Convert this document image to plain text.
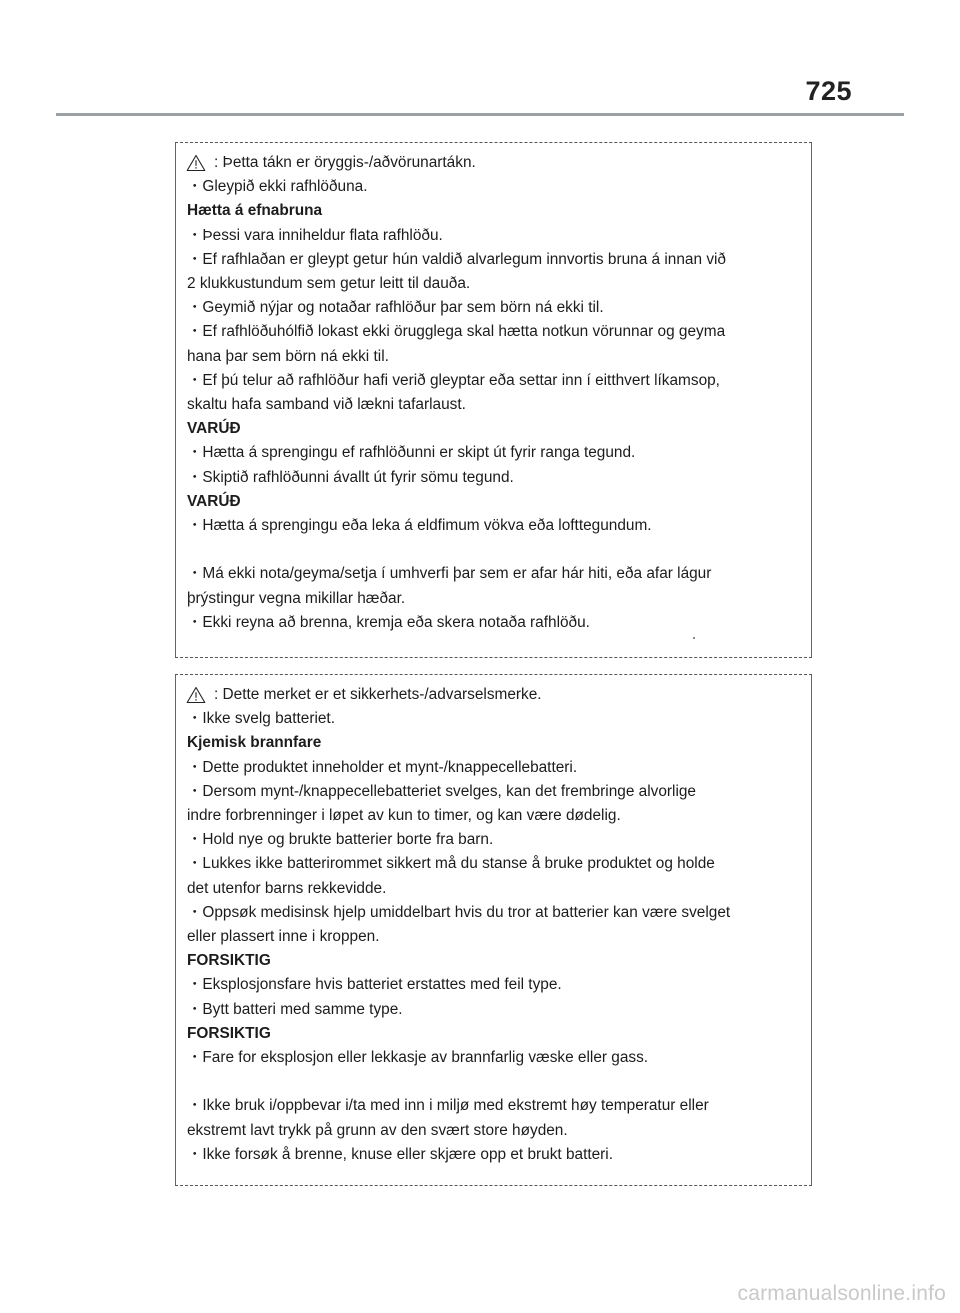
725
: Þetta tákn er öryggis-/aðvörunartákn.
・Gleypið ekki rafhlöðuna.
Hætta á efnabruna
・Þessi vara inniheldur flata rafhlöðu.
・Ef rafhlaðan er gleypt getur hún valdið alvarlegum innvortis bruna á innan við
2 klukkustundum sem getur leitt til dauða.
・Geymið nýjar og notaðar rafhlöður þar sem börn ná ekki til.
・Ef rafhlöðuhólfið lokast ekki örugglega skal hætta notkun vörunnar og geyma
hana þar sem börn ná ekki til.
・Ef þú telur að rafhlöður hafi verið gleyptar eða settar inn í eitthvert líkamsop,
skaltu hafa samband við lækni tafarlaust.
VARÚÐ
・Hætta á sprengingu ef rafhlöðunni er skipt út fyrir ranga tegund.
・Skiptið rafhlöðunni ávallt út fyrir sömu tegund.
VARÚÐ
・Hætta á sprengingu eða leka á eldfimum vökva eða lofttegundum.
・Má ekki nota/geyma/setja í umhverfi þar sem er afar hár hiti, eða afar lágur
þrýstingur vegna mikillar hæðar.
・Ekki reyna að brenna, kremja eða skera notaða rafhlöðu.
: Dette merket er et sikkerhets-/advarselsmerke.
・Ikke svelg batteriet.
Kjemisk brannfare
・Dette produktet inneholder et mynt-/knappecellebatteri.
・Dersom mynt-/knappecellebatteriet svelges, kan det frembringe alvorlige
indre forbrenninger i løpet av kun to timer, og kan være dødelig.
・Hold nye og brukte batterier borte fra barn.
・Lukkes ikke batterirommet sikkert må du stanse å bruke produktet og holde
det utenfor barns rekkevidde.
・Oppsøk medisinsk hjelp umiddelbart hvis du tror at batterier kan være svelget
eller plassert inne i kroppen.
FORSIKTIG
・Eksplosjonsfare hvis batteriet erstattes med feil type.
・Bytt batteri med samme type.
FORSIKTIG
・Fare for eksplosjon eller lekkasje av brannfarlig væske eller gass.
・Ikke bruk i/oppbevar i/ta med inn i miljø med ekstremt høy temperatur eller
ekstremt lavt trykk på grunn av den svært store høyden.
・Ikke forsøk å brenne, knuse eller skjære opp et brukt batteri.
carmanualsonline.info
